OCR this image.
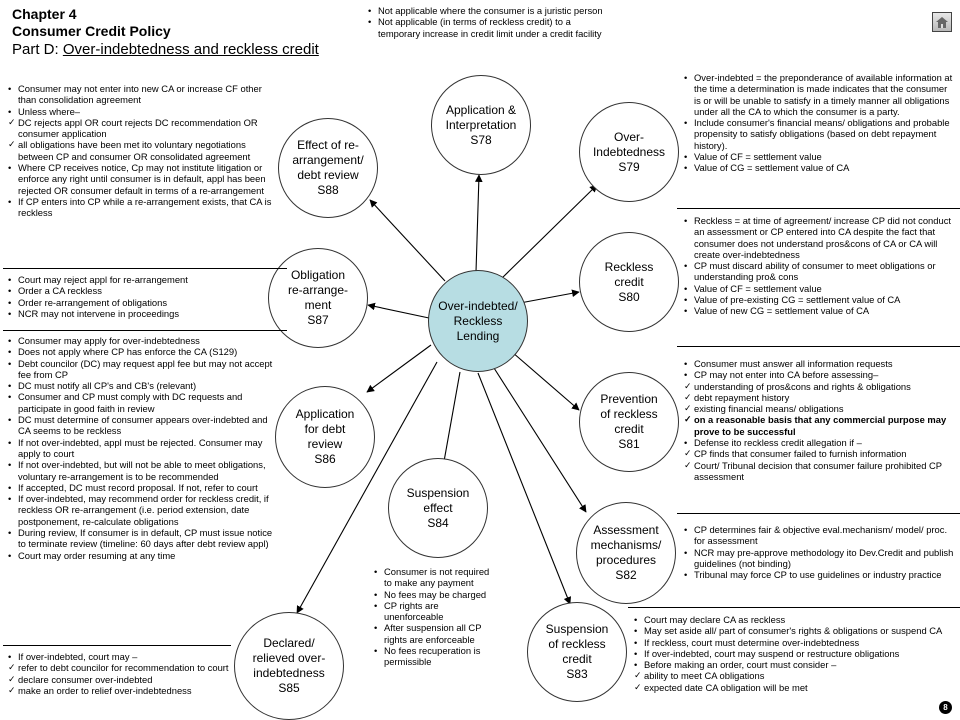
Chapter 4
Consumer Credit Policy
Part D: Over-indebtedness and reckless credit
Over-indebted/
Reckless
Lending
Application &
Interpretation
S78	Over-
Indebtedness
S79
Reckless
credit
S80
Prevention
of reckless
credit
S81
Assessment
mechanisms/
procedures
S82
Suspension
of reckless
credit
S83
Suspension
effect
S84
Declared/
relieved over-
indebtedness
S85
Application
for debt
review
S86
Obligation
re-arrange-
ment
S87
Effect of re-
arrangement/
debt review
S88
• Not applicable where the consumer is a juristic person
• Not applicable (in terms of reckless credit) to a temporary increase in credit limit under a credit facility
• Consumer may not enter into new CA or increase CF other than consolidation agreement
• Unless where–
✓ DC rejects appl OR court rejects DC recommendation OR consumer application
✓ all obligations have been met ito voluntary negotiations between CP and consumer OR consolidated agreement
• Where CP receives notice, Cp may not institute litigation or enforce any right until consumer is in default, appl has been rejected OR consumer default in terms of a re-arrangement
• If CP enters into CP while a re-arrangement exists, that CA is reckless
• Court may reject appl for re-arrangement
• Order a CA reckless
• Order re-arrangement of obligations
• NCR may not intervene in proceedings
• Consumer may apply for over-indebtedness
• Does not apply where CP has enforce the CA (S129)
• Debt councilor (DC) may request appl fee but may not accept fee from CP
• DC must notify all CP's and CB's (relevant)
• Consumer and CP must comply with DC requests and participate in good faith in review
• DC must determine of consumer appears over-indebted and CA seems to be reckless
• If not over-indebted, appl must be rejected. Consumer may apply to court
• If not over-indebted, but will not be able to meet obligations, voluntary re-arrangement is to be recommended
• If accepted, DC must record proposal. If not, refer to court
• If over-indebted, may recommend order for reckless credit, if reckless OR re-arrangement (i.e. period extension, date postponement, re-calculate obligations
• During review, If consumer is in default, CP must issue notice to terminate review (timeline: 60 days after debt review appl)
• Court may order resuming at any time
• If over-indebted, court may –
✓ refer to debt councilor for recommendation to court
✓ declare consumer over-indebted
✓ make an order to relief over-indebtedness
• Consumer is not required to make any payment
• No fees may be charged
• CP rights are unenforceable
• After suspension all CP rights are enforceable
• No fees recuperation is permissible
• Over-indebted = the preponderance of available information at the time a determination is made indicates that the consumer is or will be unable to satisfy in a timely manner all obligations under all the CA to which the consumer is a party.
• Include consumer's financial means/ obligations and probable propensity to satisfy obligations (based on debt repayment history).
• Value of CF = settlement value
• Value of CG = settlement value of CA
• Reckless = at time of agreement/ increase CP did not conduct an assessment or CP entered into CA despite the fact that consumer does not understand pros&cons of CA or CA will create over-indebtedness
• CP must discard ability of consumer to meet obligations or understanding pro& cons
• Value of CF = settlement value
• Value of pre-existing CG = settlement value of CA
• Value of new CG = settlement value of CA
• Consumer must answer all information requests
• CP may not enter into CA before assessing–
✓ understanding of pros&cons and rights & obligations
✓ debt repayment history
✓ existing financial means/ obligations
✓ on a reasonable basis that any commercial purpose may prove to be successful
• Defense ito reckless credit allegation if –
✓ CP finds that consumer failed to furnish information
✓ Court/ Tribunal decision that consumer failure prohibited CP assessment
• CP determines fair & objective eval.mechanism/ model/ proc. for assessment
• NCR may pre-approve methodology ito Dev.Credit and publish guidelines (not binding)
• Tribunal may force CP to use guidelines or industry practice
• Court may declare CA as reckless
• May set aside all/ part of consumer's rights & obligations or suspend CA
• If reckless, court must determine over-indebtedness
• If over-indebted, court may suspend or restructure obligations
• Before making an order, court must consider –
✓ ability to meet CA obligations
✓ expected date CA obligation will be met
8
